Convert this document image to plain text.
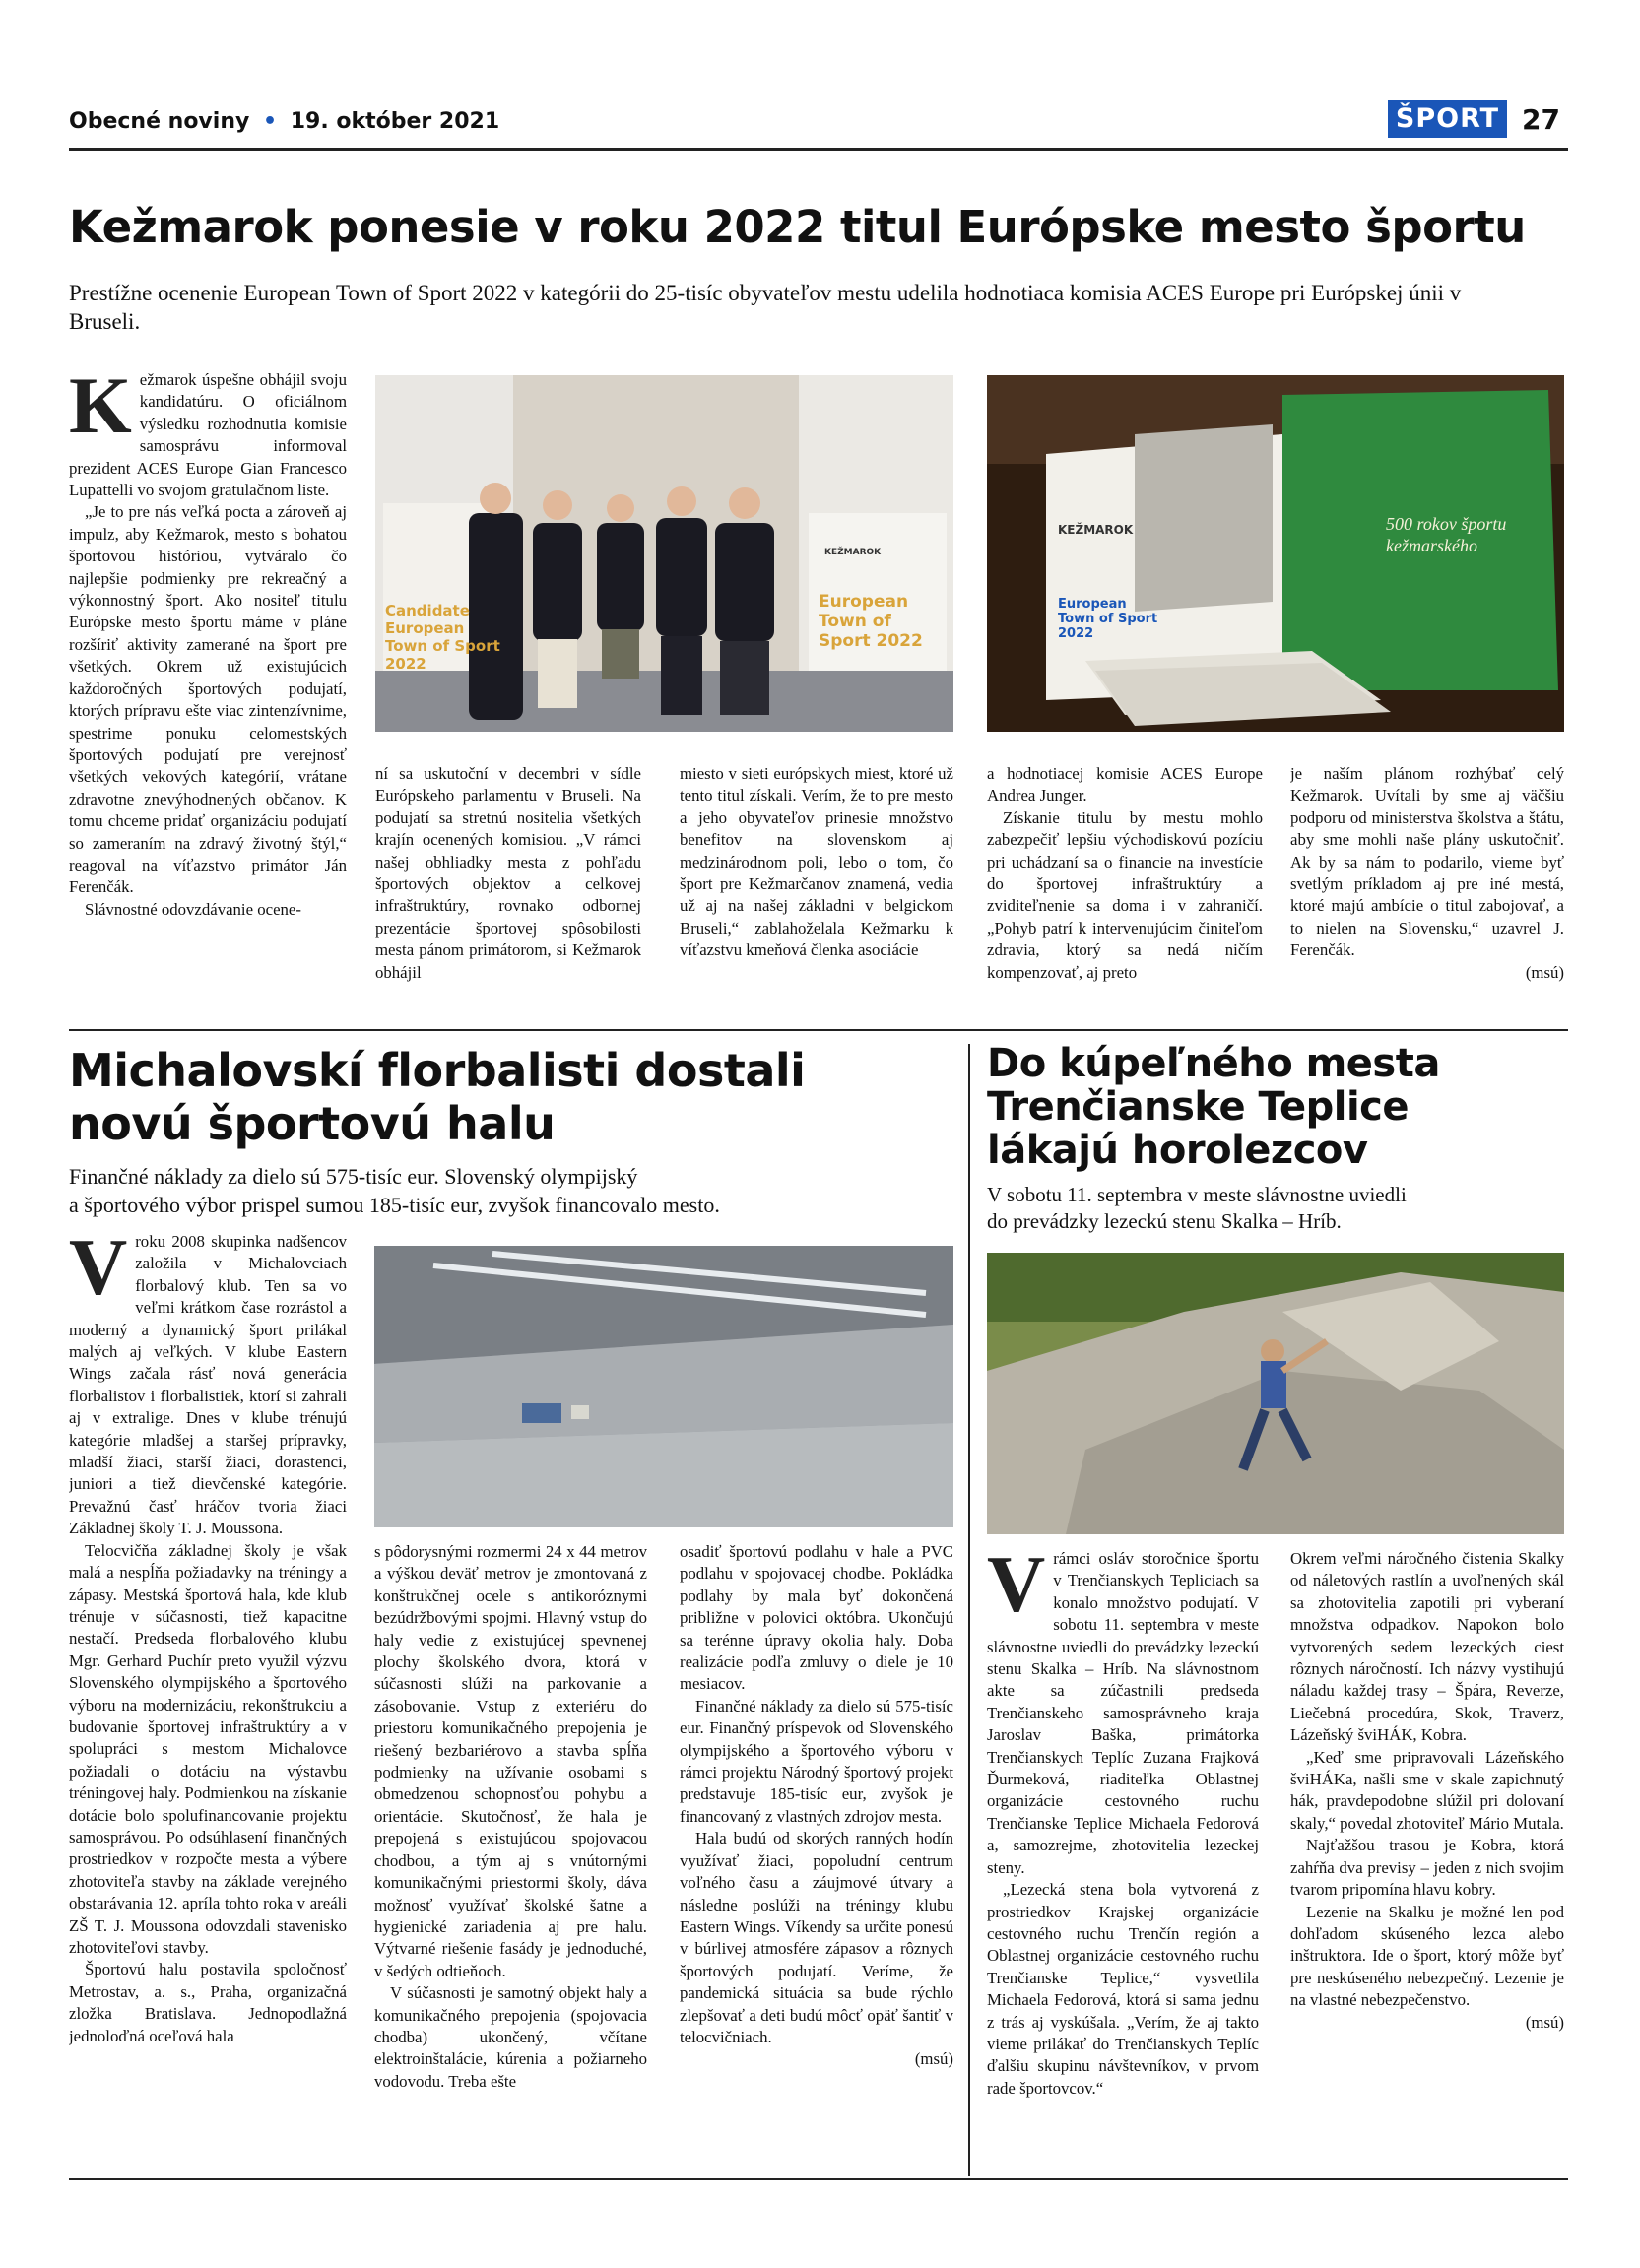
Obecné noviny • 19. október 2021	ŠPORT 27
Kežmarok ponesie v roku 2022 titul Európske mesto športu
Prestížne ocenenie European Town of Sport 2022 v kategórii do 25-tisíc obyvateľov mestu udelila hodnotiaca komisia ACES Europe pri Európskej únii v Bruseli.

Kežmarok úspešne obhájil svoju kandidatúru. O oficiálnom výsledku rozhodnutia komisie samosprávu informoval prezident ACES Europe Gian Francesco Lupattelli vo svojom gratulačnom liste.

„Je to pre nás veľká pocta a zároveň aj impulz, aby Kežmarok, mesto s bohatou športovou históriou, vytváralo čo najlepšie podmienky pre rekreačný a výkonnostný šport. Ako nositeľ titulu Európske mesto športu máme v pláne rozšíriť aktivity zamerané na šport pre všetkých. Okrem už existujúcich každoročných športových podujatí, ktorých prípravu ešte viac zintenzívnime, spestrime ponuku celomestských športových podujatí pre verejnosť všetkých vekových kategórií, vrátane zdravotne znevýhodnených občanov. K tomu chceme pridať organizáciu podujatí so zameraním na zdravý životný štýl,“ reagoval na víťazstvo primátor Ján Ferenčák.

Slávnostné odovzdávanie ocene-

Candidate European Town of Sport 2022
European Town of Sport 2022
KEŽMAROK
KEŽMAROK
European Town of Sport 2022
500 rokov športu kežmarského

ní sa uskutoční v decembri v sídle Európskeho parlamentu v Bruseli. Na podujatí sa stretnú nositelia všetkých krajín ocenených komisiou. „V rámci našej obhliadky mesta z pohľadu športových objektov a celkovej infraštruktúry, rovnako odbornej prezentácie športovej spôsobilosti mesta pánom primátorom, si Kežmarok obhájil

miesto v sieti európskych miest, ktoré už tento titul získali. Verím, že to pre mesto a jeho obyvateľov prinesie množstvo benefitov na slovenskom aj medzinárodnom poli, lebo o tom, čo šport pre Kežmarčanov znamená, vedia už aj na našej základni v belgickom Bruseli,“ zablahoželala Kežmarku k víťazstvu kmeňová členka asociácie

a hodnotiacej komisie ACES Europe Andrea Junger.

Získanie titulu by mestu mohlo zabezpečiť lepšiu východiskovú pozíciu pri uchádzaní sa o financie na investície do športovej infraštruktúry a zviditeľnenie sa doma i v zahraničí. „Pohyb patrí k intervenujúcim činiteľom zdravia, ktorý sa nedá ničím kompenzovať, aj preto

je naším plánom rozhýbať celý Kežmarok. Uvítali by sme aj väčšiu podporu od ministerstva školstva a štátu, aby sme mohli naše plány uskutočniť. Ak by sa nám to podarilo, vieme byť svetlým príkladom aj pre iné mestá, ktoré majú ambície o titul zabojovať, a to nielen na Slovensku,“ uzavrel J. Ferenčák.

(msú)

Michalovskí florbalisti dostali
novú športovú halu
Finančné náklady za dielo sú 575-tisíc eur. Slovenský olympijský
a športového výbor prispel sumou 185-tisíc eur, zvyšok financovalo mesto.

Vroku 2008 skupinka nadšencov založila v Michalovciach florbalový klub. Ten sa vo veľmi krátkom čase rozrástol a moderný a dynamický šport prilákal malých aj veľkých. V klube Eastern Wings začala rásť nová generácia florbalistov i florbalistiek, ktorí si zahrali aj v extralige. Dnes v klube trénujú kategórie mladšej a staršej prípravky, mladší žiaci, starší žiaci, dorastenci, juniori a tiež dievčenské kategórie. Prevažnú časť hráčov tvoria žiaci Základnej školy T. J. Moussona.

Telocvičňa základnej školy je však malá a nespĺňa požiadavky na tréningy a zápasy. Mestská športová hala, kde klub trénuje v súčasnosti, tiež kapacitne nestačí. Predseda florbalového klubu Mgr. Gerhard Puchír preto využil výzvu Slovenského olympijského a športového výboru na modernizáciu, rekonštrukciu a budovanie športovej infraštruktúry a v spolupráci s mestom Michalovce požiadali o dotáciu na výstavbu tréningovej haly. Podmienkou na získanie dotácie bolo spolufinancovanie projektu samosprávou. Po odsúhlasení finančných prostriedkov v rozpočte mesta a výbere zhotoviteľa stavby na základe verejného obstarávania 12. apríla tohto roka v areáli ZŠ T. J. Moussona odovzdali stavenisko zhotoviteľovi stavby.

Športovú halu postavila spoločnosť Metrostav, a. s., Praha, organizačná zložka Bratislava. Jednopodlažná jednoloďná oceľová hala

s pôdorysnými rozmermi 24 x 44 metrov a výškou deväť metrov je zmontovaná z konštrukčnej ocele s antikoróznymi bezúdržbovými spojmi. Hlavný vstup do haly vedie z existujúcej spevnenej plochy školského dvora, ktorá v súčasnosti slúži na parkovanie a zásobovanie. Vstup z exteriéru do priestoru komunikačného prepojenia je riešený bezbariérovo a stavba spĺňa podmienky na užívanie osobami s obmedzenou schopnosťou pohybu a orientácie. Skutočnosť, že hala je prepojená s existujúcou spojovacou chodbou, a tým aj s vnútornými komunikačnými priestormi školy, dáva možnosť využívať školské šatne a hygienické zariadenia aj pre halu. Výtvarné riešenie fasády je jednoduché, v šedých odtieňoch.

V súčasnosti je samotný objekt haly a komunikačného prepojenia (spojovacia chodba) ukončený, včítane elektroinštalácie, kúrenia a požiarneho vodovodu. Treba ešte

osadiť športovú podlahu v hale a PVC podlahu v spojovacej chodbe. Pokládka podlahy by mala byť dokončená približne v polovici októbra. Ukončujú sa terénne úpravy okolia haly. Doba realizácie podľa zmluvy o diele je 10 mesiacov.

Finančné náklady za dielo sú 575-tisíc eur. Finančný príspevok od Slovenského olympijského a športového výboru v rámci projektu Národný športový projekt predstavuje 185-tisíc eur, zvyšok je financovaný z vlastných zdrojov mesta.

Hala budú od skorých ranných hodín využívať žiaci, popoludní centrum voľného času a záujmové útvary a následne poslúži na tréningy klubu Eastern Wings. Víkendy sa určite ponesú v búrlivej atmosfére zápasov a rôznych športových podujatí. Veríme, že pandemická situácia sa bude rýchlo zlepšovať a deti budú môcť opäť šantiť v telocvičniach.

(msú)

Do kúpeľného mesta
Trenčianske Teplice
lákajú horolezcov
V sobotu 11. septembra v meste slávnostne uviedli
do prevádzky lezeckú stenu Skalka – Hríb.

Vrámci osláv storočnice športu v Trenčianskych Tepliciach sa konalo množstvo podujatí. V sobotu 11. septembra v meste slávnostne uviedli do prevádzky lezeckú stenu Skalka – Hríb. Na slávnostnom akte sa zúčastnili predseda Trenčianskeho samosprávneho kraja Jaroslav Baška, primátorka Trenčianskych Teplíc Zuzana Frajková Ďurmeková, riaditeľka Oblastnej organizácie cestovného ruchu Trenčianske Teplice Michaela Fedorová a, samozrejme, zhotovitelia lezeckej steny.

„Lezecká stena bola vytvorená z prostriedkov Krajskej organizácie cestovného ruchu Trenčín región a Oblastnej organizácie cestovného ruchu Trenčianske Teplice,“ vysvetlila Michaela Fedorová, ktorá si sama jednu z trás aj vyskúšala. „Verím, že aj takto vieme prilákať do Trenčianskych Teplíc ďalšiu skupinu návštevníkov, v prvom rade športovcov.“

Okrem veľmi náročného čistenia Skalky od náletových rastlín a uvoľnených skál sa zhotovitelia zapotili pri vyberaní množstva odpadkov. Napokon bolo vytvorených sedem lezeckých ciest rôznych náročností. Ich názvy vystihujú náladu každej trasy – Špára, Reverze, Liečebná procedúra, Skok, Traverz, Lázeňský šviHÁK, Kobra.

„Keď sme pripravovali Lázeňského šviHÁKa, našli sme v skale zapichnutý hák, pravdepodobne slúžil pri dolovaní skaly,“ povedal zhotoviteľ Mário Mutala.

Najťažšou trasou je Kobra, ktorá zahŕňa dva previsy – jeden z nich svojim tvarom pripomína hlavu kobry.

Lezenie na Skalku je možné len pod dohľadom skúseného lezca alebo inštruktora. Ide o šport, ktorý môže byť pre neskúseného nebezpečný. Lezenie je na vlastné nebezpečenstvo.

(msú)
